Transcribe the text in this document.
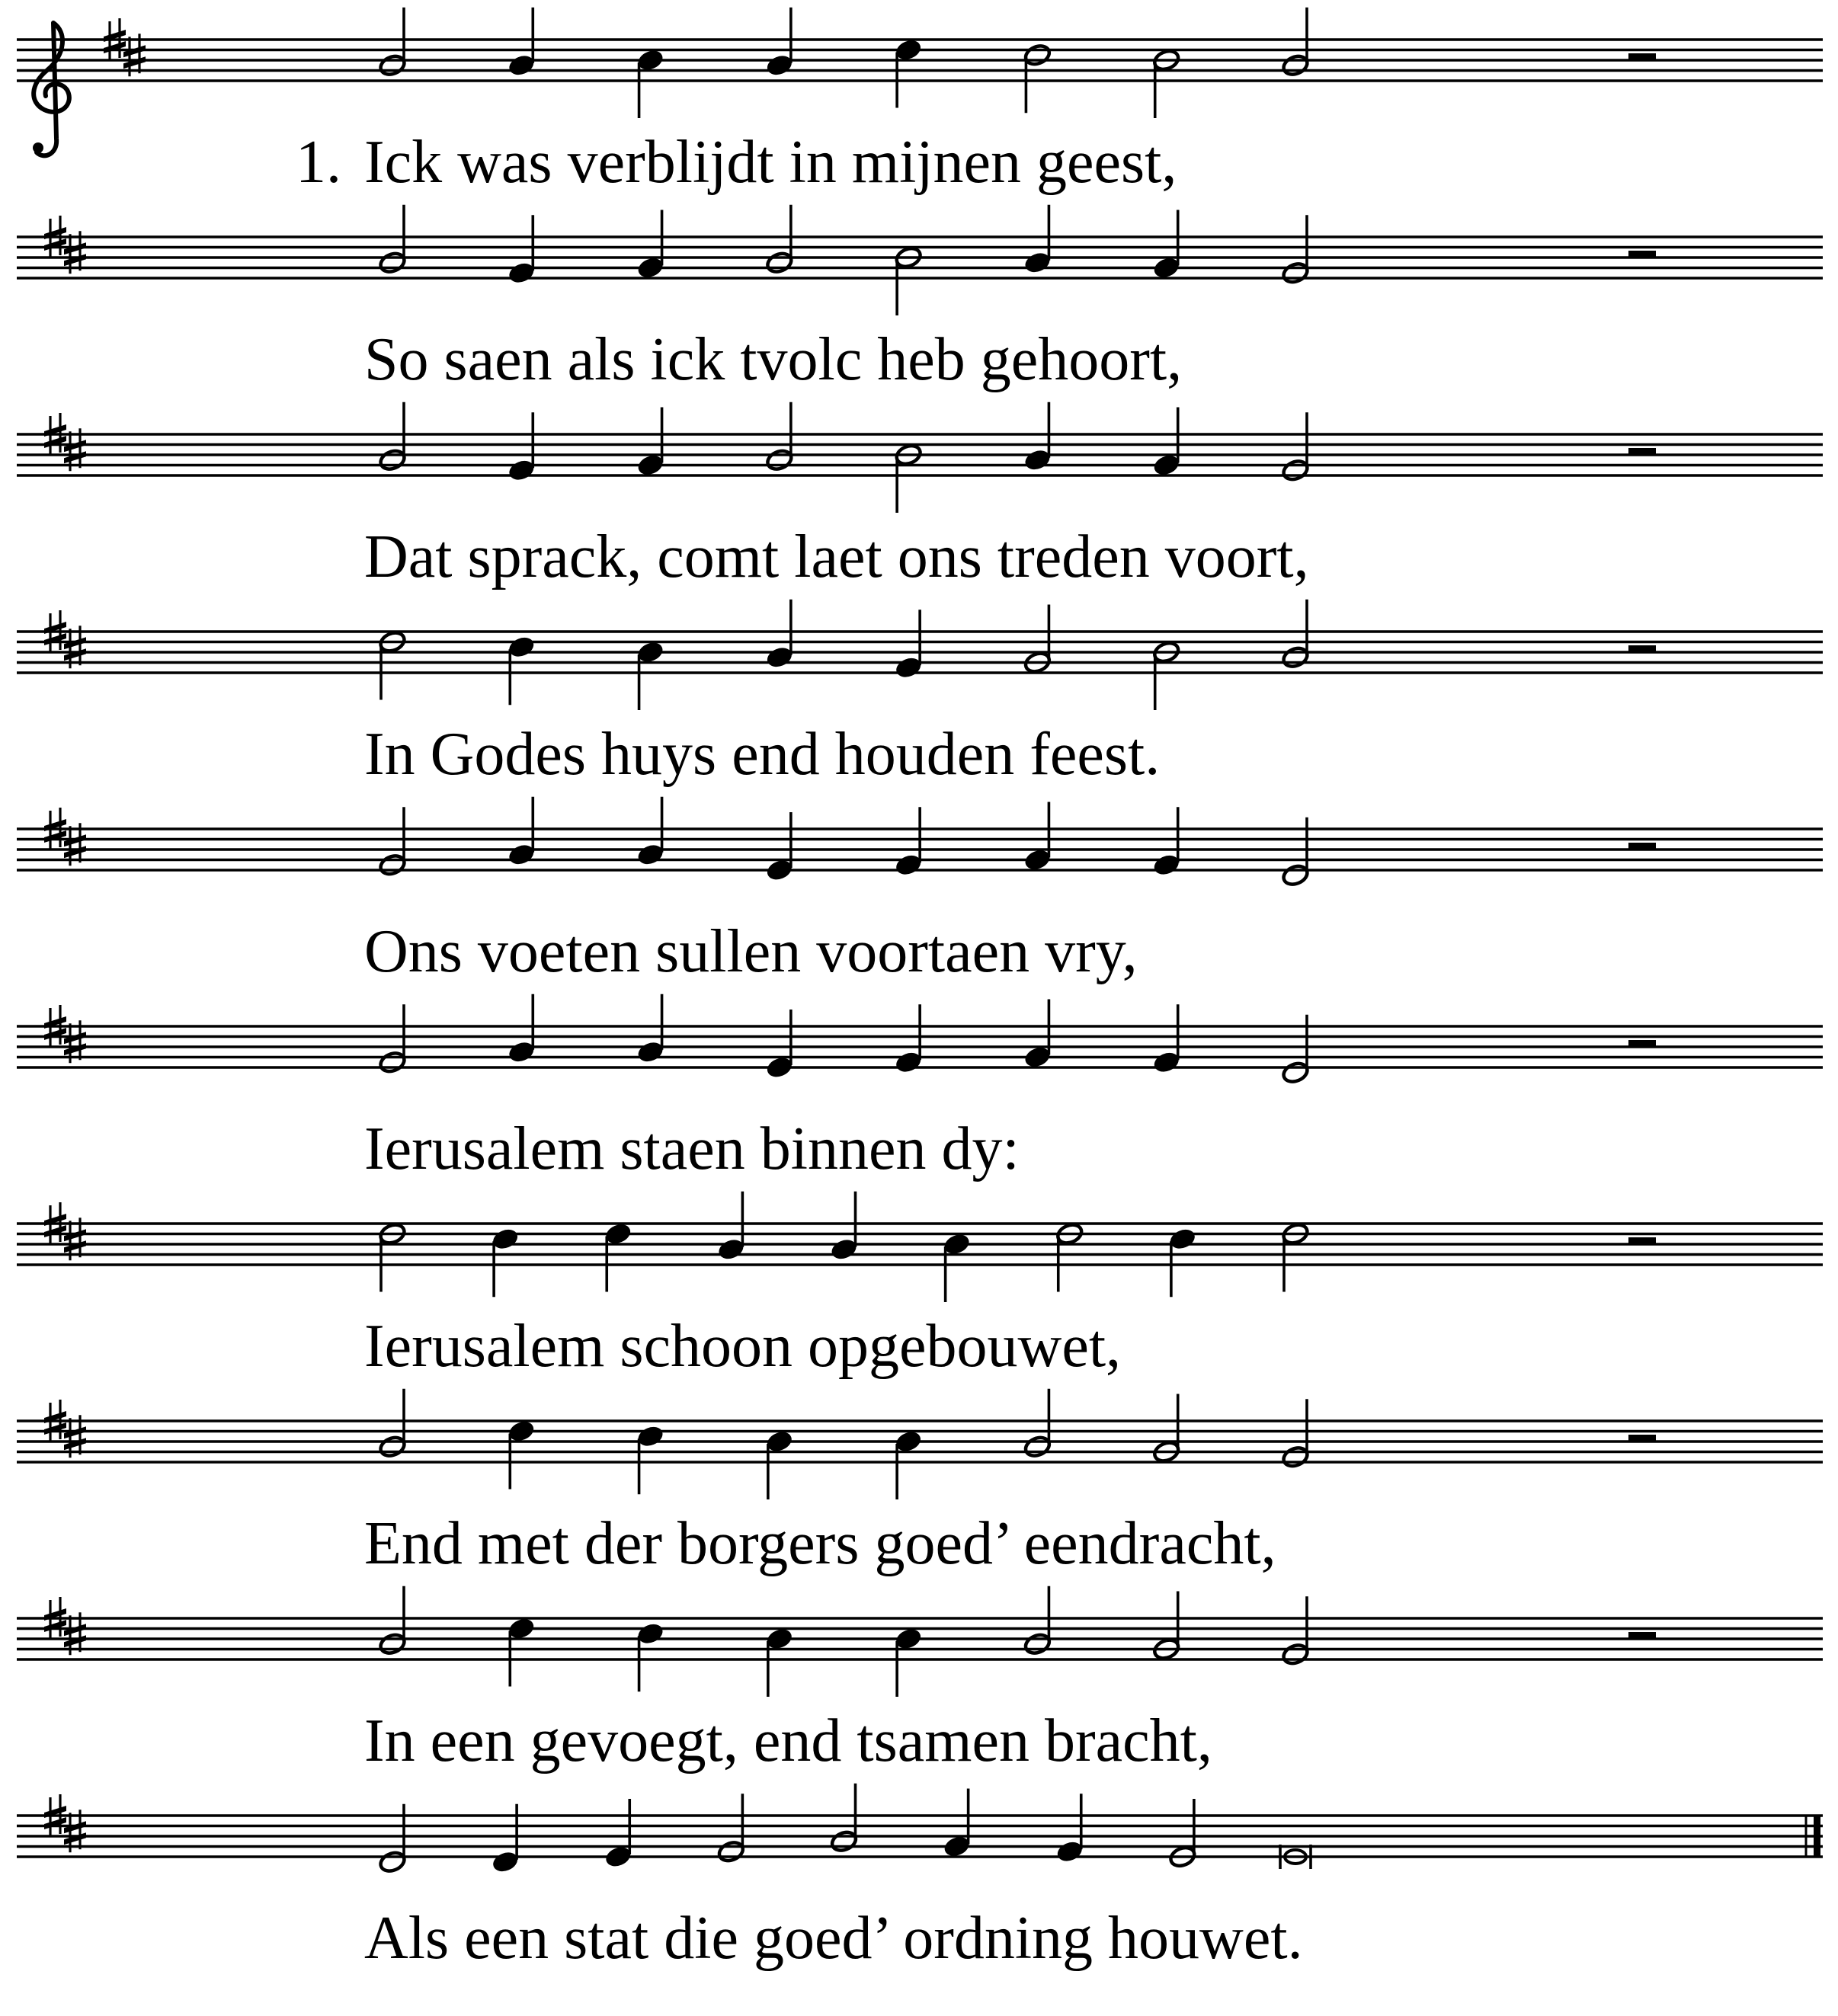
1. Ick was verblijdt in mijnen geest,
So saen als ick tvolc heb gehoort,
Dat sprack, comt laet ons treden voort,
In Godes huys end houden feest.
Ons voeten sullen voortaen vry,
Ierusalem staen binnen dy:
Ierusalem schoon opgebouwet,
End met der borgers goed’ eendracht,
In een gevoegt, end tsamen bracht,
Als een stat die goed’ ordning houwet.
